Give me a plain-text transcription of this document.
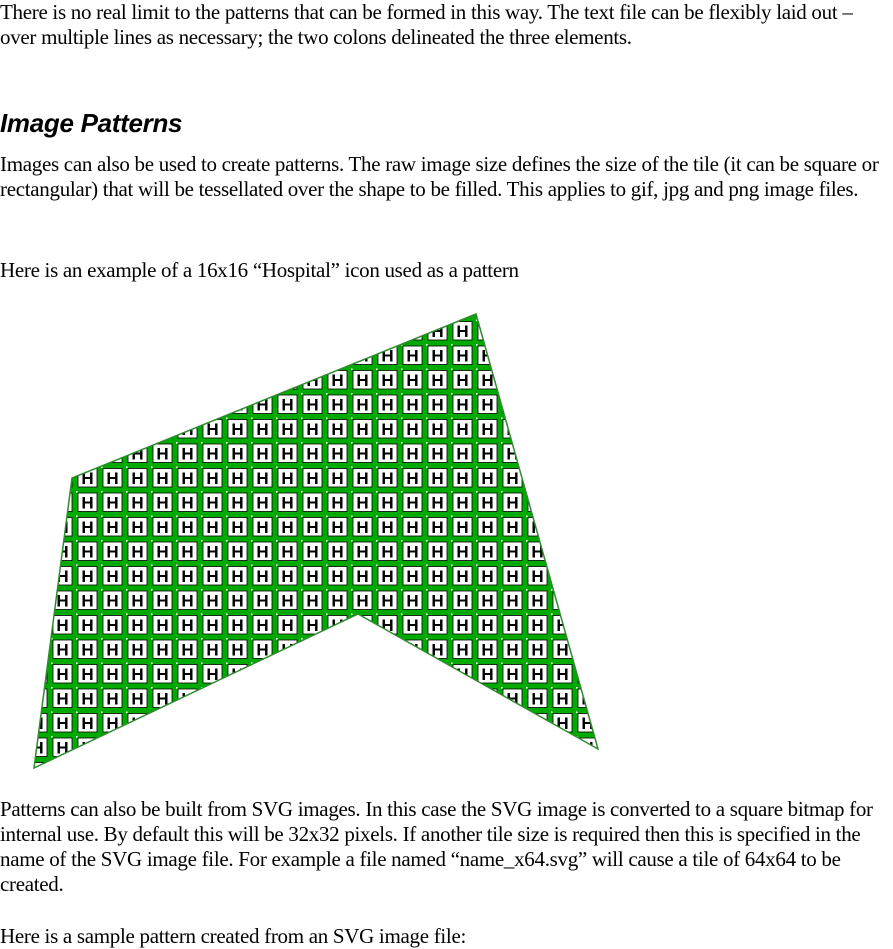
There is no real limit to the patterns that can be formed in this way. The text file can be flexibly laid out – over multiple lines as necessary; the two colons delineated the three elements.

Image Patterns

Images can also be used to create patterns. The raw image size defines the size of the tile (it can be square or rectangular) that will be tessellated over the shape to be filled. This applies to gif, jpg and png image files.

Here is an example of a 16x16 “Hospital” icon used as a pattern

Patterns can also be built from SVG images. In this case the SVG image is converted to a square bitmap for internal use. By default this will be 32x32 pixels. If another tile size is required then this is specified in the name of the SVG image file. For example a file named “name_x64.svg” will cause a tile of 64x64 to be created.

Here is a sample pattern created from an SVG image file:
